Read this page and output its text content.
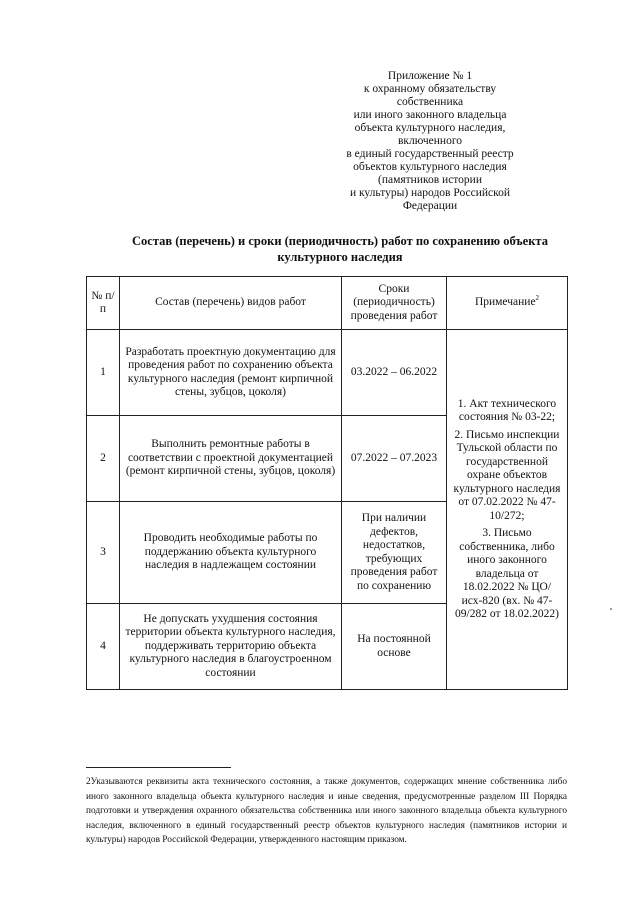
Приложение № 1
к охранному обязательству
собственника
или иного законного владельца
объекта культурного наследия,
включенного
в единый государственный реестр
объектов культурного наследия
(памятников истории
и культуры) народов Российской
Федерации
Состав (перечень) и сроки (периодичность) работ по сохранению объекта культурного наследия
№ п/п	Состав (перечень) видов работ	Сроки (периодичность) проведения работ	Примечание$^2$
1	Разработать проектную документацию для проведения работ по сохранению объекта культурного наследия (ремонт кирпичной стены, зубцов, цоколя)	03.2022 – 06.2022	1. Акт технического состояния № 03-22;
2. Письмо инспекции Тульской области по государственной охране объектов культурного наследия от 07.02.2022 № 47-10/272;
3. Письмо собственника, либо иного законного владельца от 18.02.2022 № ЦО/исх-820 (вх. № 47-09/282 от 18.02.2022)

2	Выполнить ремонтные работы в соответствии с проектной документацией (ремонт кирпичной стены, зубцов, цоколя)	07.2022 – 07.2023	
3	Проводить необходимые работы по поддержанию объекта культурного наследия в надлежащем состоянии	При наличии дефектов, недостатков, требующих проведения работ по сохранению	
4	Не допускать ухудшения состояния территории объекта культурного наследия, поддерживать территорию объекта культурного наследия в благоустроенном состоянии	На постоянной основе	
2Указываются реквизиты акта технического состояния, а также документов, содержащих мнение собственника либо иного законного владельца объекта культурного наследия и иные сведения, предусмотренные разделом III Порядка подготовки и утверждения охранного обязательства собственника или иного законного владельца объекта культурного наследия, включенного в единый государственный реестр объектов культурного наследия (памятников истории и культуры) народов Российской Федерации, утвержденного настоящим приказом.
